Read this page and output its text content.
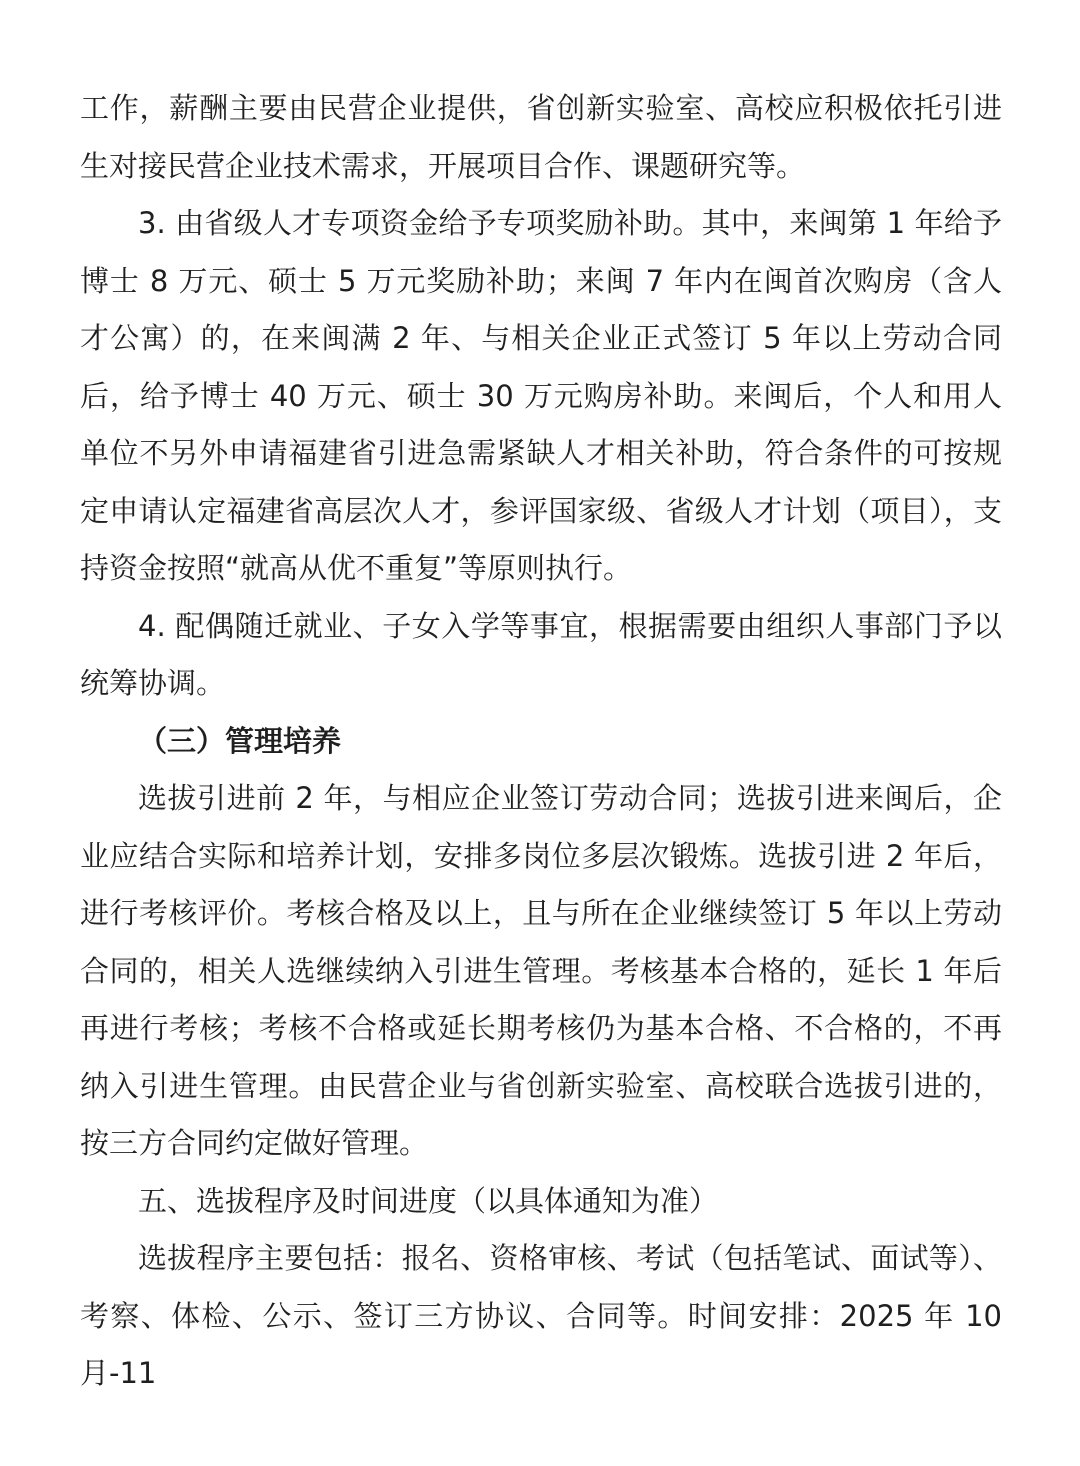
工作，薪酬主要由民营企业提供，省创新实验室、高校应积极依托引进生对接民营企业技术需求，开展项目合作、课题研究等。

3. 由省级人才专项资金给予专项奖励补助。其中，来闽第 1 年给予博士 8 万元、硕士 5 万元奖励补助；来闽 7 年内在闽首次购房（含人才公寓）的，在来闽满 2 年、与相关企业正式签订 5 年以上劳动合同后，给予博士 40 万元、硕士 30 万元购房补助。来闽后，个人和用人单位不另外申请福建省引进急需紧缺人才相关补助，符合条件的可按规定申请认定福建省高层次人才，参评国家级、省级人才计划（项目），支持资金按照“就高从优不重复”等原则执行。

4. 配偶随迁就业、子女入学等事宜，根据需要由组织人事部门予以统筹协调。

（三）管理培养

选拔引进前 2 年，与相应企业签订劳动合同；选拔引进来闽后，企业应结合实际和培养计划，安排多岗位多层次锻炼。选拔引进 2 年后，进行考核评价。考核合格及以上，且与所在企业继续签订 5 年以上劳动合同的，相关人选继续纳入引进生管理。考核基本合格的，延长 1 年后再进行考核；考核不合格或延长期考核仍为基本合格、不合格的，不再纳入引进生管理。由民营企业与省创新实验室、高校联合选拔引进的，按三方合同约定做好管理。

五、选拔程序及时间进度（以具体通知为准）

选拔程序主要包括：报名、资格审核、考试（包括笔试、面试等）、考察、体检、公示、签订三方协议、合同等。时间安排：2025 年 10 月-11
